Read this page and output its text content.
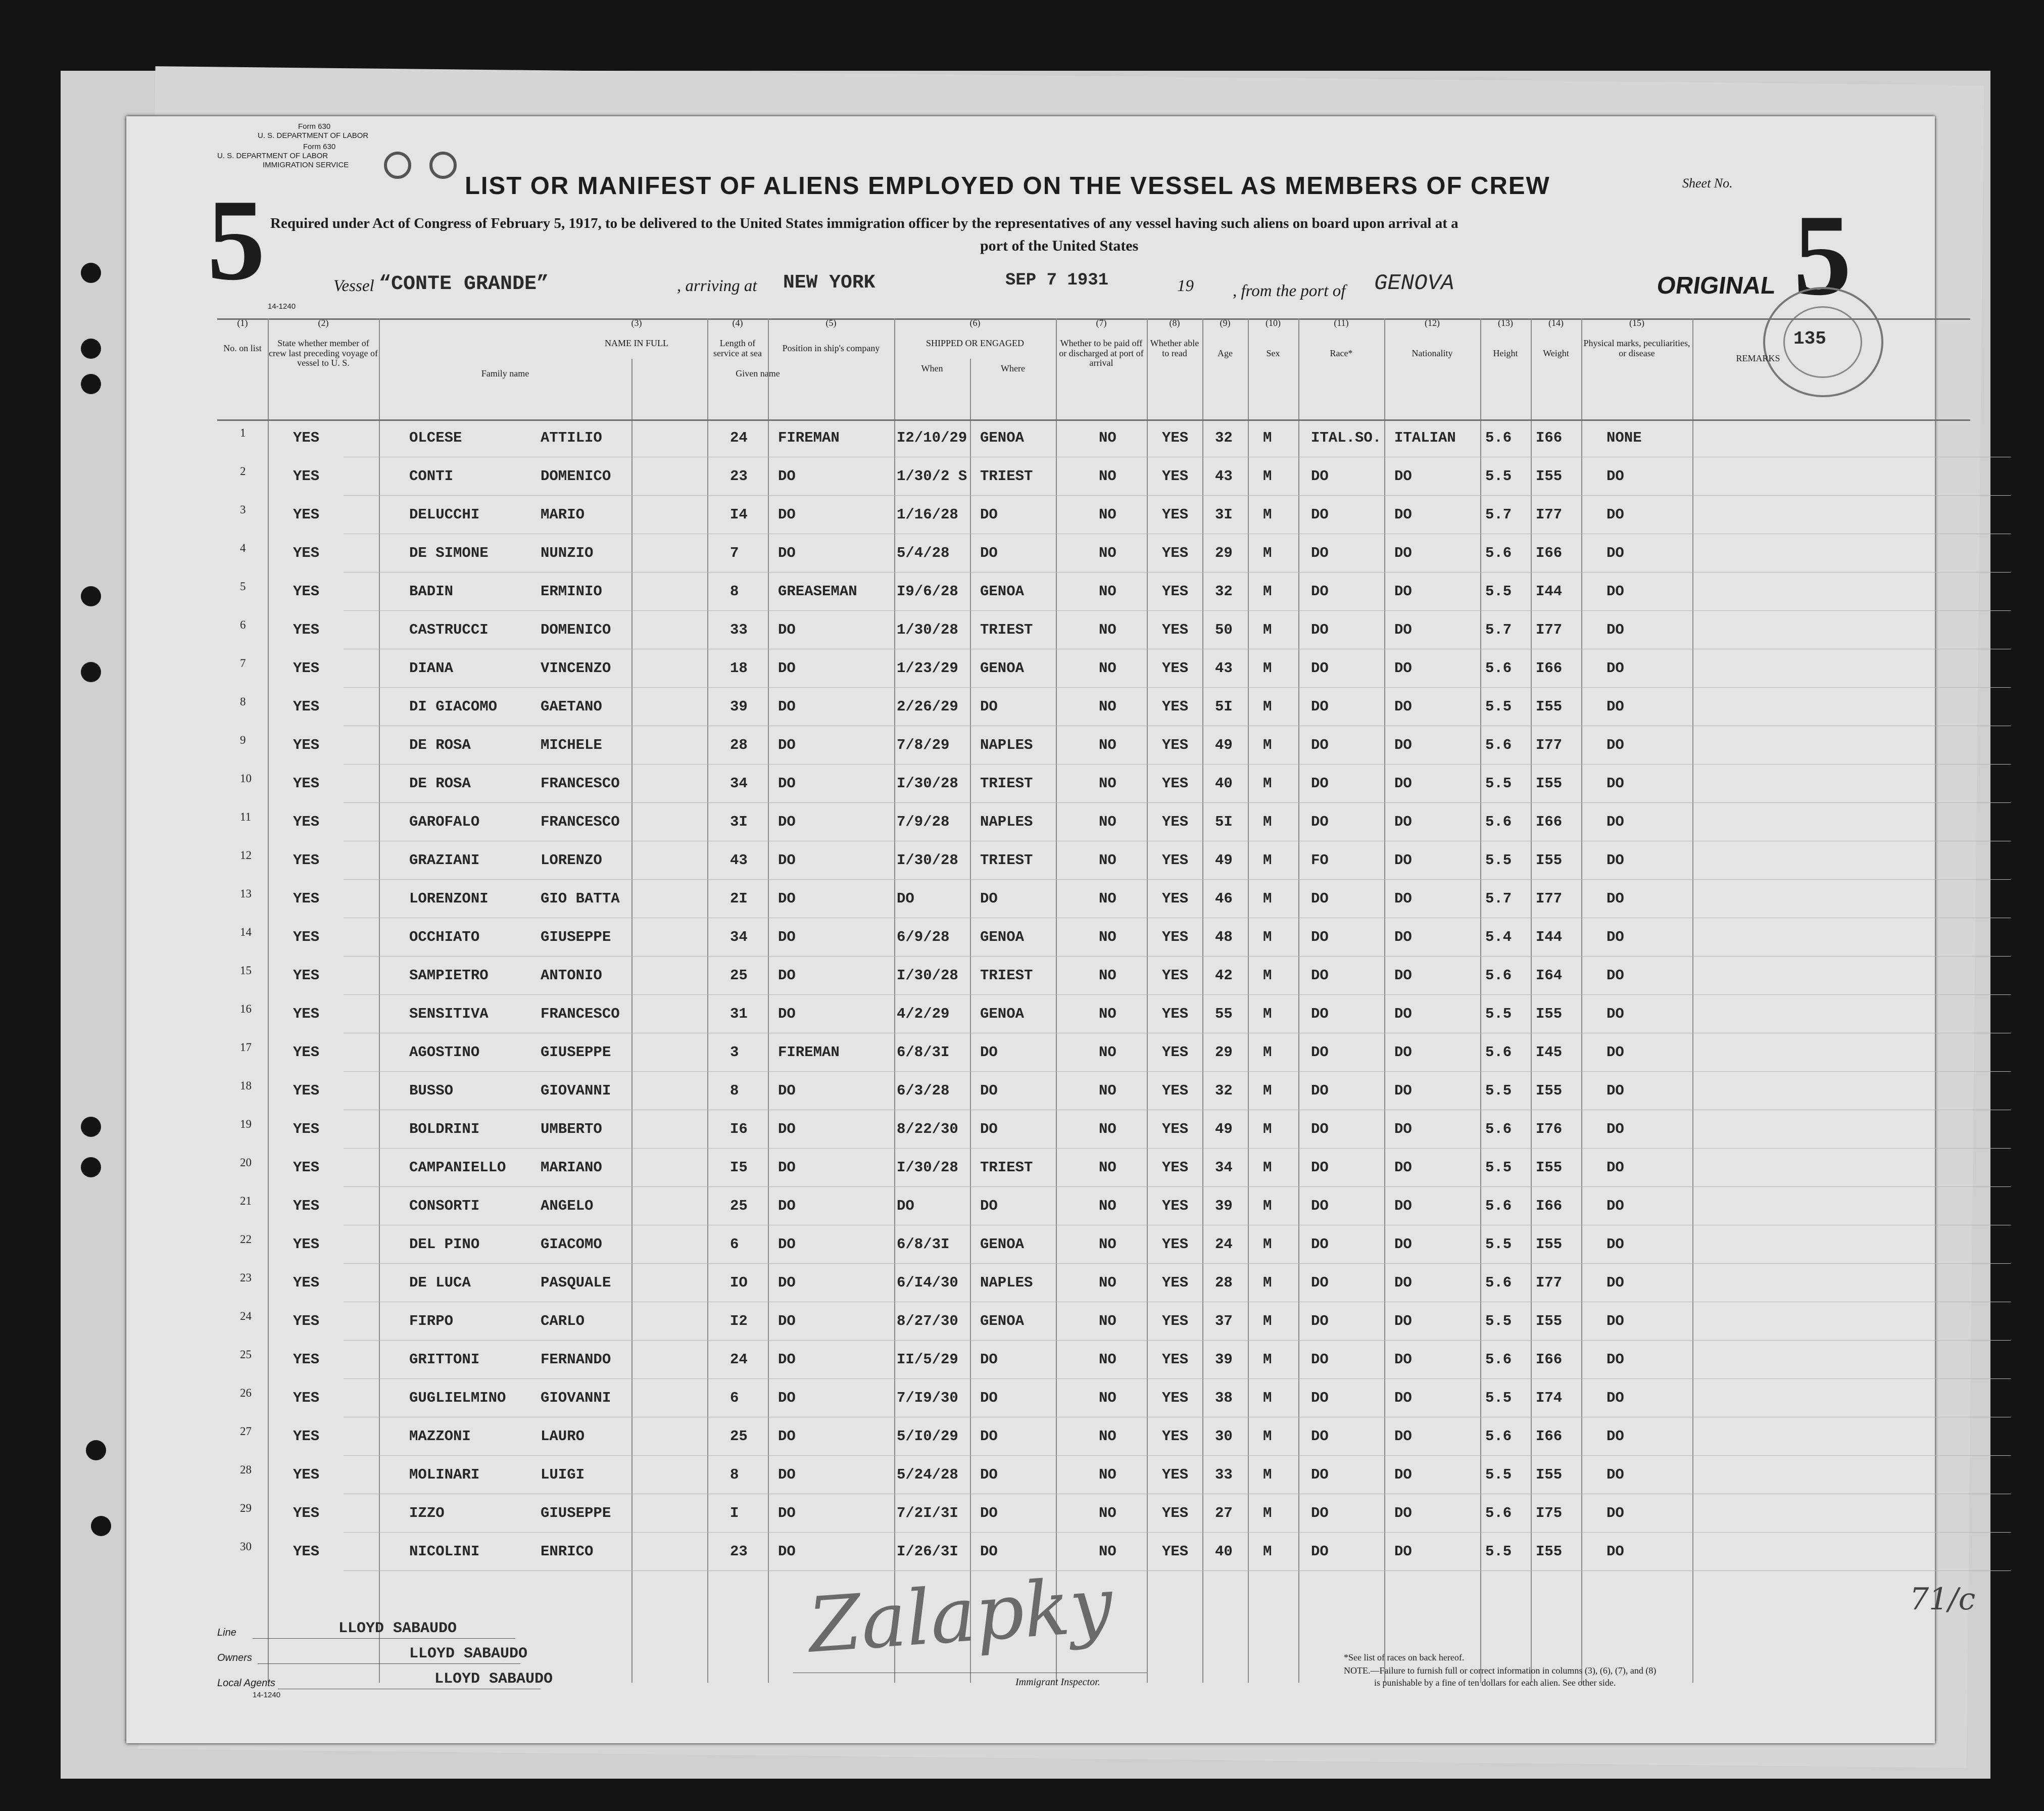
Form 630
U. S. DEPARTMENT OF LABOR
Form 630
U. S. DEPARTMENT OF LABOR
IMMIGRATION SERVICE
5	5
LIST OR MANIFEST OF ALIENS EMPLOYED ON THE VESSEL AS MEMBERS OF CREW
Required under Act of Congress of February 5, 1917, to be delivered to the United States immigration officer by the representatives of any vessel having such aliens on board upon arrival at a
port of the United States
Sheet No.
Vessel “CONTE GRANDE”	, arriving at NEW YORK	SEP 7 1931	19 , from the port of GENOVA	ORIGINAL
14-1240
(1)
No. on list
(2)
State whether member of crew last preceding voyage of vessel to U. S.
(3)
NAME IN FULL
Family name	Given name
(4)
Length of service at sea
(5)
Position in ship's company
(6)
SHIPPED OR ENGAGED
When	Where
(7)
Whether to be paid off or discharged at port of arrival
(8)
Whether able to read
(9)
Age
(10)
Sex
(11)
Race*
(12)
Nationality
(13)
Height
(14)
Weight
(15)
Physical marks, peculiarities, or disease
REMARKS
135
1	YES	OLCESE	ATTILIO	24 FIREMAN	I2/10/29 GENOA	NO	YES 32 M	ITAL.SO. ITALIAN 5.6 I66	NONE
2	YES	CONTI	DOMENICO	23 DO	1/30/2 S TRIEST	NO	YES 43 M	DO	DO	5.5 I55	DO
3	YES	DELUCCHI	MARIO	I4 DO	1/16/28 DO	NO	YES 3I M	DO	DO	5.7 I77	DO
4	YES	DE SIMONE	NUNZIO	7	DO	5/4/28 DO	NO	YES 29 M	DO	DO	5.6 I66	DO
5	YES	BADIN	ERMINIO	8	GREASEMAN	I9/6/28 GENOA	NO	YES 32 M	DO	DO	5.5 I44	DO
6	YES	CASTRUCCI	DOMENICO	33 DO	1/30/28 TRIEST	NO	YES 50 M	DO	DO	5.7 I77	DO
7	YES	DIANA	VINCENZO	18 DO	1/23/29 GENOA	NO	YES 43 M	DO	DO	5.6 I66	DO
8	YES	DI GIACOMO	GAETANO	39 DO	2/26/29 DO	NO	YES 5I M	DO	DO	5.5 I55	DO
9	YES	DE ROSA	MICHELE	28 DO	7/8/29 NAPLES	NO	YES 49 M	DO	DO	5.6 I77	DO
10	YES	DE ROSA	FRANCESCO	34 DO	I/30/28 TRIEST	NO	YES 40 M	DO	DO	5.5 I55	DO
11	YES	GAROFALO	FRANCESCO	3I DO	7/9/28 NAPLES	NO	YES 5I M	DO	DO	5.6 I66	DO
12	YES	GRAZIANI	LORENZO	43 DO	I/30/28 TRIEST	NO	YES 49 M	FO	DO	5.5 I55	DO
13	YES	LORENZONI	GIO BATTA	2I DO	DO	DO	NO	YES 46 M	DO	DO	5.7 I77	DO
14	YES	OCCHIATO	GIUSEPPE	34 DO	6/9/28 GENOA	NO	YES 48 M	DO	DO	5.4 I44	DO
15	YES	SAMPIETRO	ANTONIO	25 DO	I/30/28 TRIEST	NO	YES 42 M	DO	DO	5.6 I64	DO
16	YES	SENSITIVA	FRANCESCO	31 DO	4/2/29 GENOA	NO	YES 55 M	DO	DO	5.5 I55	DO
17	YES	AGOSTINO	GIUSEPPE	3	FIREMAN	6/8/3I DO	NO	YES 29 M	DO	DO	5.6 I45	DO
18	YES	BUSSO	GIOVANNI	8	DO	6/3/28 DO	NO	YES 32 M	DO	DO	5.5 I55	DO
19	YES	BOLDRINI	UMBERTO	I6 DO	8/22/30 DO	NO	YES 49 M	DO	DO	5.6 I76	DO
20	YES	CAMPANIELLO MARIANO	I5 DO	I/30/28 TRIEST	NO	YES 34 M	DO	DO	5.5 I55	DO
21	YES	CONSORTI	ANGELO	25 DO	DO	DO	NO	YES 39 M	DO	DO	5.6 I66	DO
22	YES	DEL PINO	GIACOMO	6	DO	6/8/3I GENOA	NO	YES 24 M	DO	DO	5.5 I55	DO
23	YES	DE LUCA	PASQUALE	IO DO	6/I4/30 NAPLES	NO	YES 28 M	DO	DO	5.6 I77	DO
24	YES	FIRPO	CARLO	I2 DO	8/27/30 GENOA	NO	YES 37 M	DO	DO	5.5 I55	DO
25	YES	GRITTONI	FERNANDO	24 DO	II/5/29 DO	NO	YES 39 M	DO	DO	5.6 I66	DO
26	YES	GUGLIELMINO GIOVANNI	6	DO	7/I9/30 DO	NO	YES 38 M	DO	DO	5.5 I74	DO
27	YES	MAZZONI	LAURO	25 DO	5/I0/29 DO	NO	YES 30 M	DO	DO	5.6 I66	DO
28	YES	MOLINARI	LUIGI	8	DO	5/24/28 DO	NO	YES 33 M	DO	DO	5.5 I55	DO
29	YES	IZZO	GIUSEPPE	I	DO	7/2I/3I DO	NO	YES 27 M	DO	DO	5.6 I75	DO
30	YES	NICOLINI	ENRICO	23 DO	I/26/3I DO	NO	YES 40 M	DO	DO	5.5 I55	DO
Line	LLOYD SABAUDO
Owners	LLOYD SABAUDO
Local Agents	LLOYD SABAUDO
14-1240
Zalapky
Immigrant Inspector.
*See list of races on back hereof.
NOTE.—Failure to furnish full or correct information in columns (3), (6), (7), and (8)
is punishable by a fine of ten dollars for each alien. See other side.
71/c
